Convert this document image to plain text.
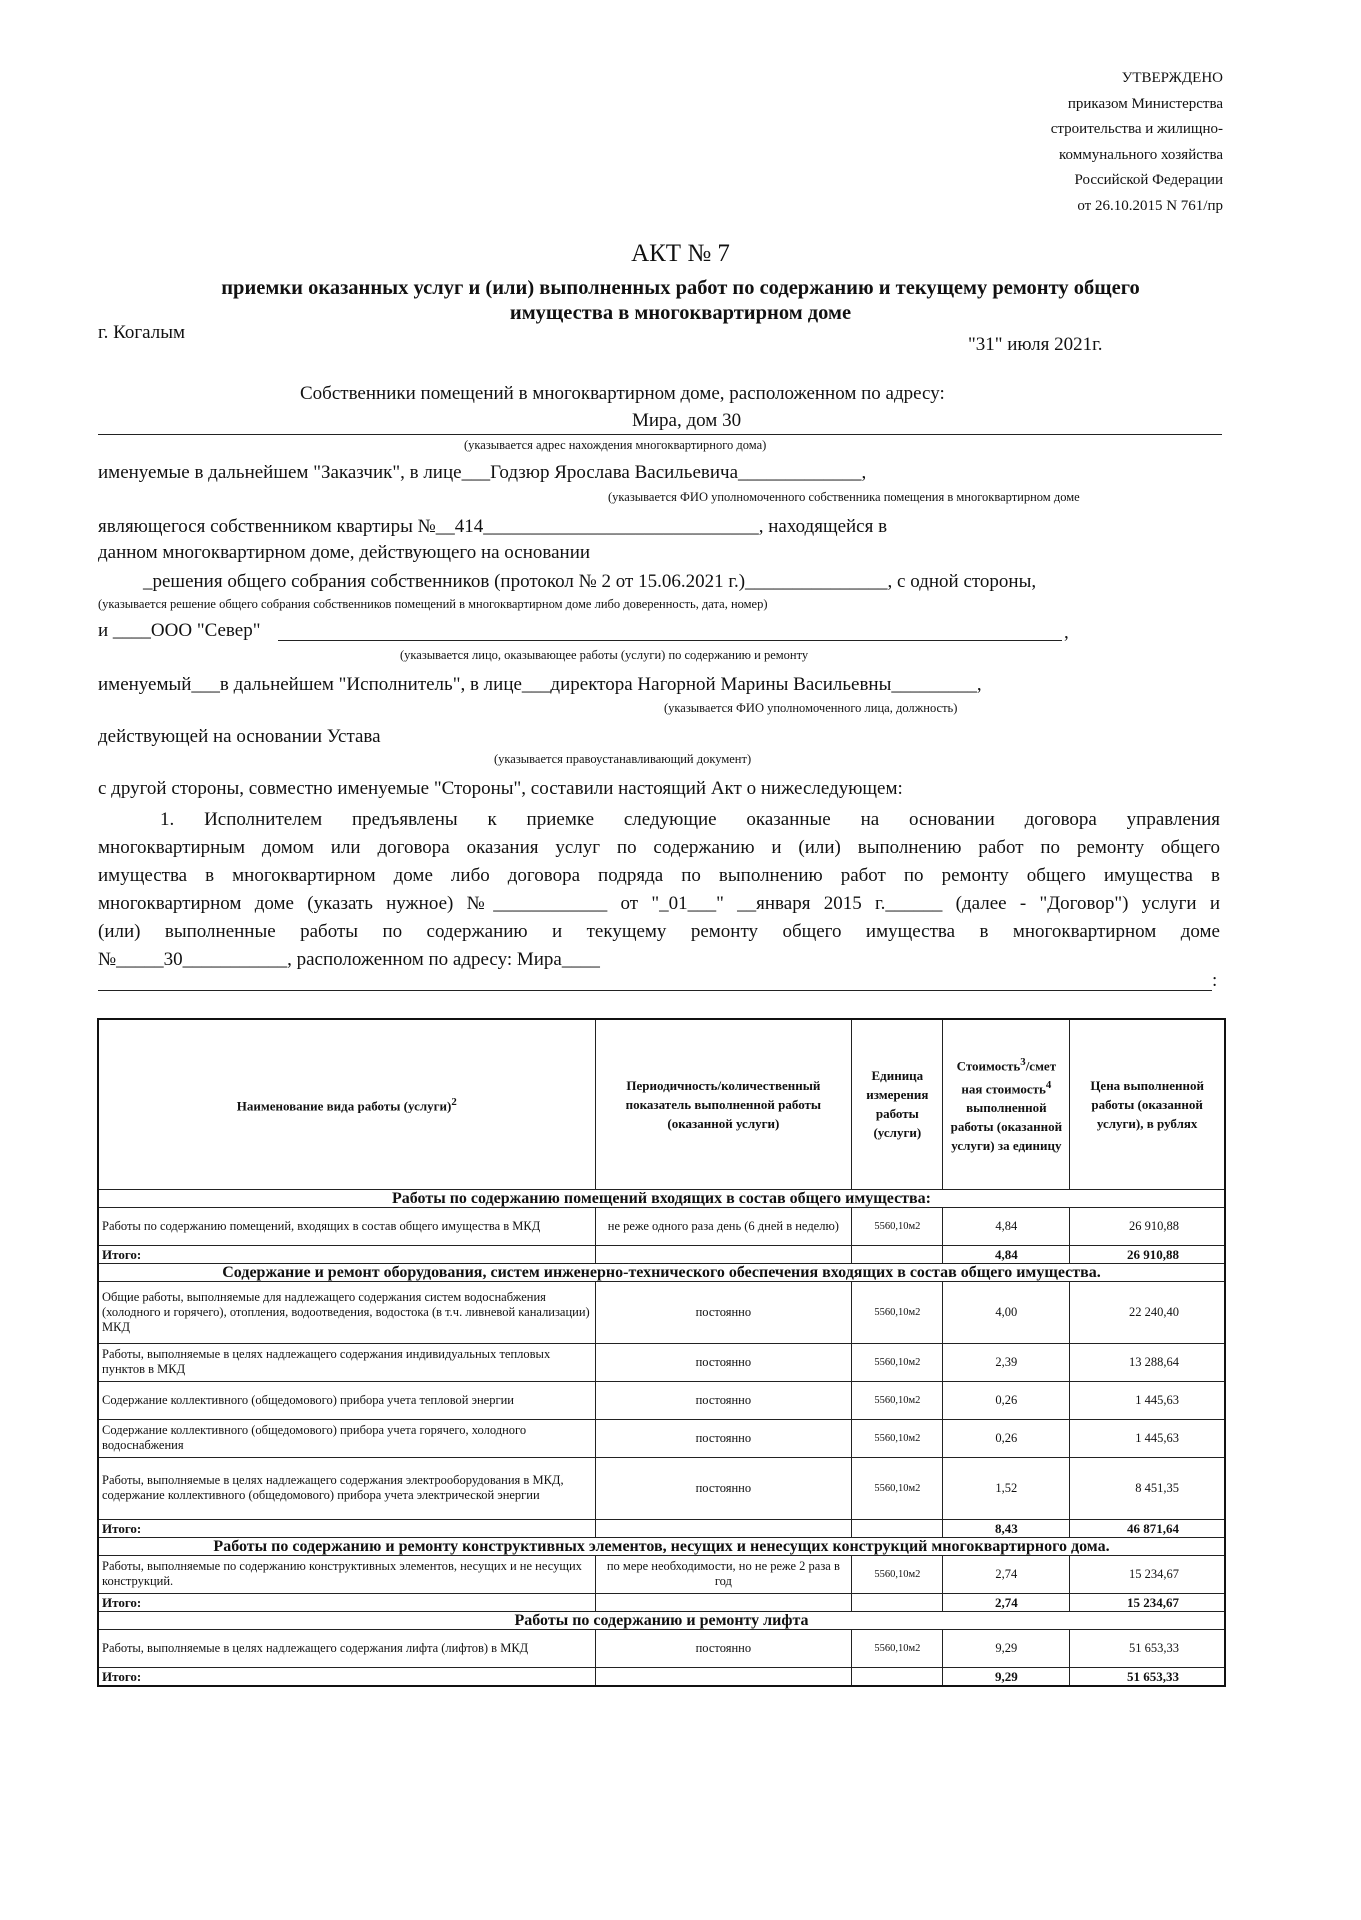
УТВЕРЖДЕНО
приказом Министерства
строительства и жилищно-
коммунального хозяйства
Российской Федерации
от 26.10.2015 N 761/пр
АКТ № 7
приемки оказанных услуг и (или) выполненных работ по содержанию и текущему ремонту общего
имущества в многоквартирном доме
г. Когалым
"31" июля 2021г.
Собственники помещений в многоквартирном доме, расположенном по адресу:
Мира, дом 30
(указывается адрес нахождения многоквартирного дома)
именуемые в дальнейшем "Заказчик", в лице___Годзюр Ярослава Васильевича_____________,
(указывается ФИО уполномоченного собственника помещения в многоквартирном доме
являющегося собственником квартиры №__414_____________________________, находящейся в
данном многоквартирном доме, действующего на основании
_решения общего собрания собственников (протокол № 2 от 15.06.2021 г.)_______________, с одной стороны,
(указывается решение общего собрания собственников помещений в многоквартирном доме либо доверенность, дата, номер)
и ____ООО "Север"	,
(указывается лицо, оказывающее работы (услуги) по содержанию и ремонту
именуемый___в дальнейшем "Исполнитель", в лице___директора Нагорной Марины Васильевны_________,
(указывается ФИО уполномоченного лица, должность)
действующей на основании Устава
(указывается правоустанавливающий документ)
с другой стороны, совместно именуемые "Стороны", составили настоящий Акт о нижеследующем:
1. Исполнителем предъявлены к приемке следующие оказанные на основании договора управления
многоквартирным домом или договора оказания услуг по содержанию и (или) выполнению работ по ремонту общего
имущества в многоквартирном доме либо договора подряда по выполнению работ по ремонту общего имущества в
многоквартирном доме (указать нужное) №____________ от "_01___" __января 2015 г.______ (далее - "Договор") услуги и
(или) выполненные работы по содержанию и текущему ремонту общего имущества в многоквартирном доме
№_____30___________, расположенном по адресу: Мира____
:
Наименование вида работы (услуги)$^2$	Периодичность/количественный показатель выполненной работы (оказанной услуги)	Единица измерения работы (услуги)	Стоимость$^3$/смет ная стоимость$^4$ выполненной работы (оказанной услуги) за единицу	Цена выполненной работы (оказанной услуги), в рублях
Работы по содержанию помещений входящих в состав общего имущества:				
Работы по содержанию помещений, входящих в состав общего имущества в МКД	не реже одного раза день (6 дней в неделю)	5560,10м2	4,84	26 910,88
Итого:			4,84	26 910,88
Содержание и ремонт оборудования, систем инженерно-технического обеспечения входящих в состав общего имущества.				
Общие работы, выполняемые для надлежащего содержания систем водоснабжения (холодного и горячего), отопления, водоотведения, водостока (в т.ч. ливневой канализации) МКД	постоянно	5560,10м2	4,00	22 240,40
Работы, выполняемые в целях надлежащего содержания индивидуальных тепловых пунктов в МКД	постоянно	5560,10м2	2,39	13 288,64
Содержание коллективного (общедомового) прибора учета тепловой энергии	постоянно	5560,10м2	0,26	1 445,63
Содержание коллективного (общедомового) прибора учета горячего, холодного водоснабжения	постоянно	5560,10м2	0,26	1 445,63
Работы, выполняемые в целях надлежащего содержания электрооборудования в МКД, содержание коллективного (общедомового) прибора учета электрической энергии	постоянно	5560,10м2	1,52	8 451,35
Итого:			8,43	46 871,64
Работы по содержанию и ремонту конструктивных элементов, несущих и ненесущих конструкций многоквартирного дома.				
Работы, выполняемые по содержанию конструктивных элементов, несущих и не несущих конструкций.	по мере необходимости, но не реже 2 раза в год	5560,10м2	2,74	15 234,67
Итого:			2,74	15 234,67
Работы по содержанию и ремонту лифта				
Работы, выполняемые в целях надлежащего содержания лифта (лифтов) в МКД	постоянно	5560,10м2	9,29	51 653,33
Итого:			9,29	51 653,33
